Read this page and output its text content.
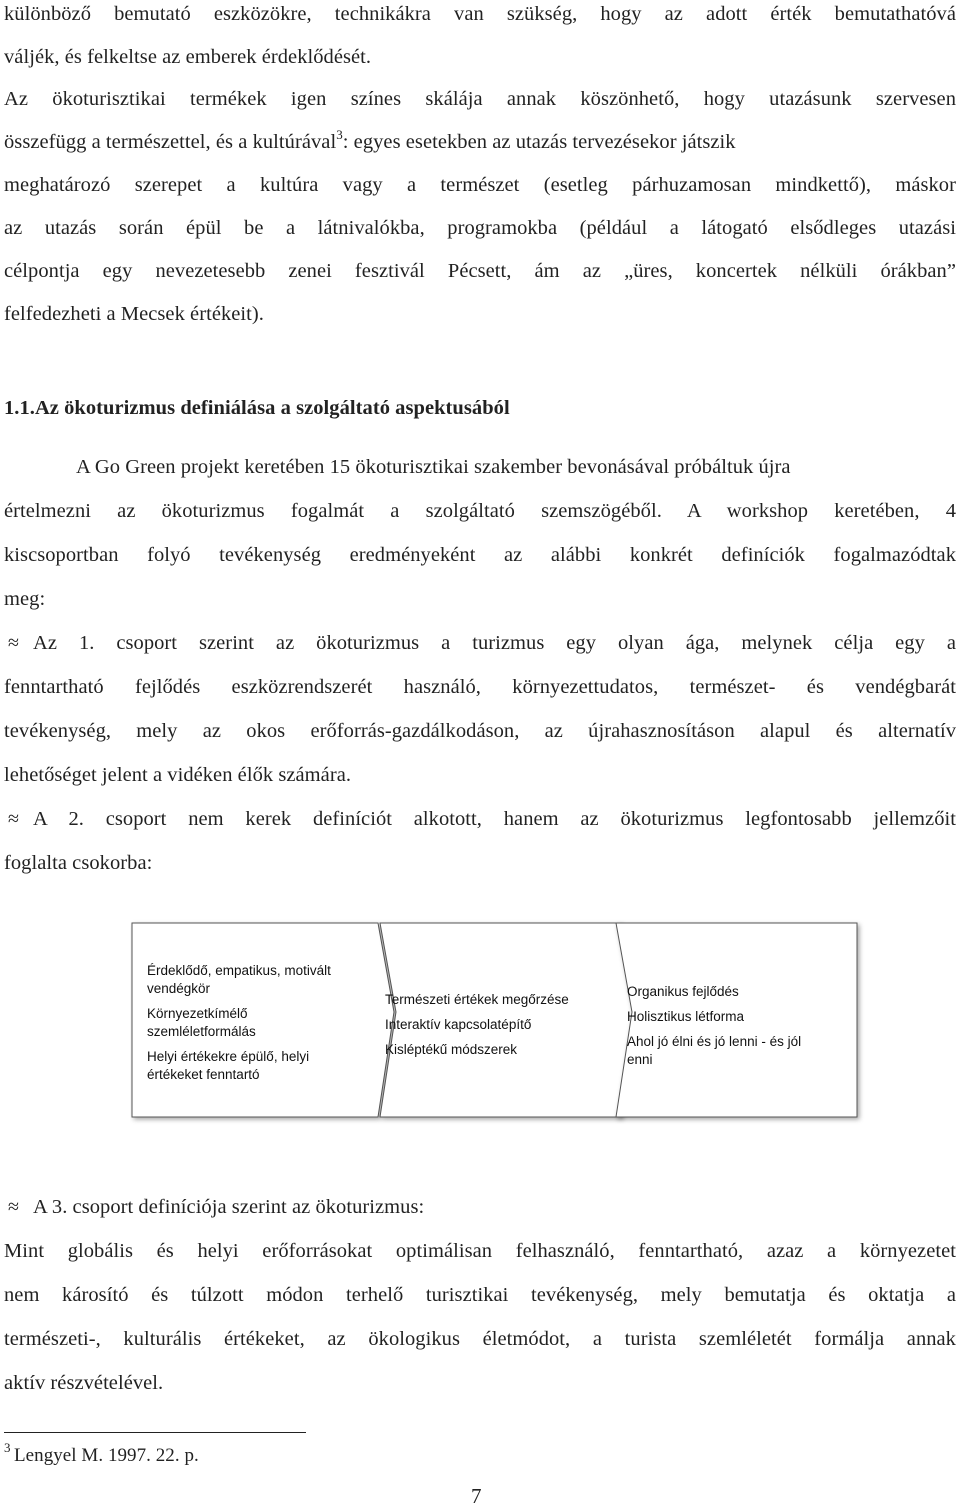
különböző bemutató eszközökre, technikákra van szükség, hogy az adott érték bemutathatóvá
váljék, és felkeltse az emberek érdeklődését.
Az ökoturisztikai termékek igen színes skálája annak köszönhető, hogy utazásunk szervesen
összefügg a természettel, és a kultúrával$^3$: egyes esetekben az utazás tervezésekor játszik
meghatározó szerepet a kultúra vagy a természet (esetleg párhuzamosan mindkettő), máskor
az utazás során épül be a látnivalókba, programokba (például a látogató elsődleges utazási
célpontja egy nevezetesebb zenei fesztivál Pécsett, ám az „üres, koncertek nélküli órákban”
felfedezheti a Mecsek értékeit).
1.1.Az ökoturizmus definiálása a szolgáltató aspektusából
A Go Green projekt keretében 15 ökoturisztikai szakember bevonásával próbáltuk újra
értelmezni az ökoturizmus fogalmát a szolgáltató szemszögéből. A workshop keretében, 4
kiscsoportban folyó tevékenység eredményeként az alábbi konkrét definíciók fogalmazódtak
meg:
≈ Az 1. csoport szerint az ökoturizmus a turizmus egy olyan ága, melynek célja egy a
fenntartható fejlődés eszközrendszerét használó, környezettudatos, természet- és vendégbarát
tevékenység, mely az okos erőforrás-gazdálkodáson, az újrahasznosításon alapul és alternatív
lehetőséget jelent a vidéken élők számára.
≈ A 2. csoport nem kerek definíciót alkotott, hanem az ökoturizmus legfontosabb jellemzőit
foglalta csokorba:
Érdeklődő, empatikus, motivált
vendégkör
Környezetkímélő
szemléletformálás
Helyi értékekre épülő, helyi
értékeket fenntartó
Természeti értékek megőrzése
Interaktív kapcsolatépítő
Kisléptékű módszerek
Organikus fejlődés
Holisztikus létforma
Ahol jó élni és jó lenni - és jól
enni
≈ A 3. csoport definíciója szerint az ökoturizmus:
Mint globális és helyi erőforrásokat optimálisan felhasználó, fenntartható, azaz a környezetet
nem károsító és túlzott módon terhelő turisztikai tevékenység, mely bemutatja és oktatja a
természeti-, kulturális értékeket, az ökologikus életmódot, a turista szemléletét formálja annak
aktív részvételével.
3 Lengyel M. 1997. 22. p.
7
